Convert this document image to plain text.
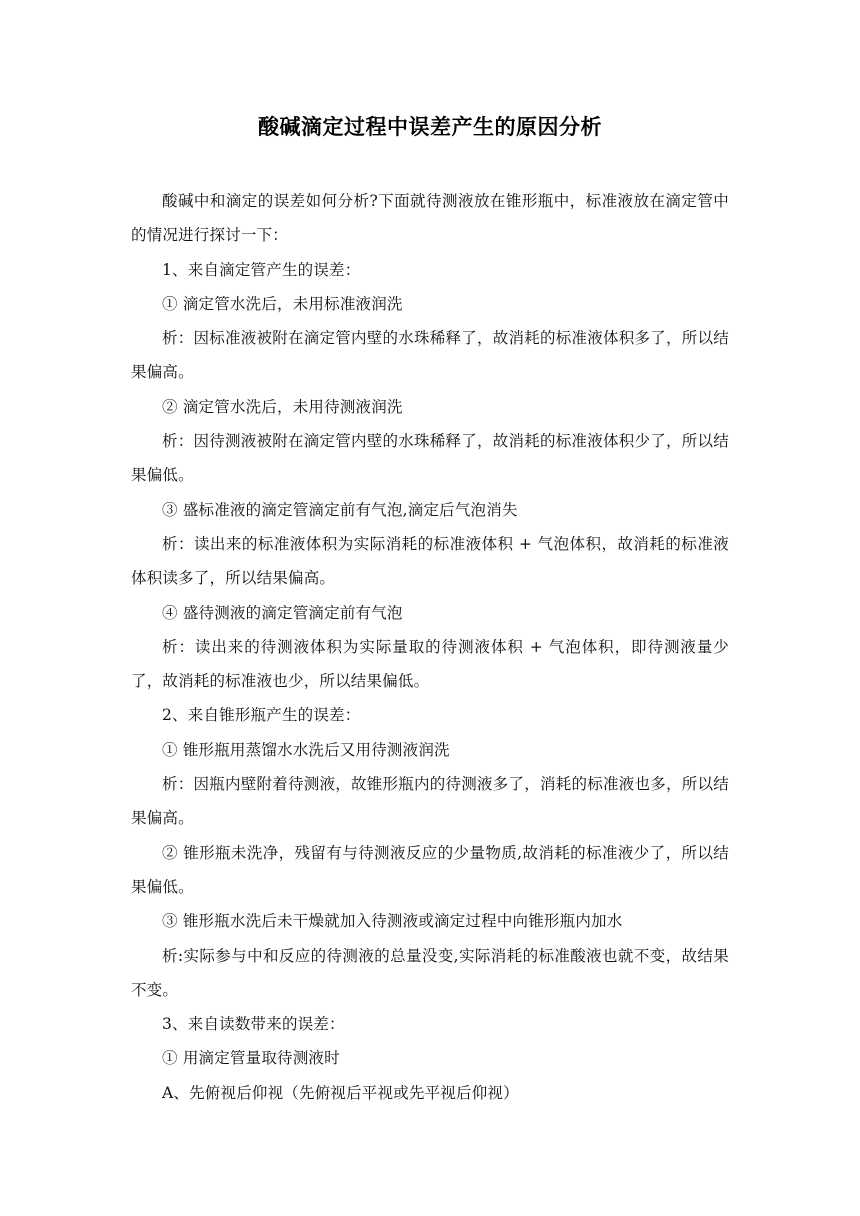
酸碱滴定过程中误差产生的原因分析

酸碱中和滴定的误差如何分析?下面就待测液放在锥形瓶中，标准液放在滴定管中的情况进行探讨一下：

1、来自滴定管产生的误差：

① 滴定管水洗后，未用标准液润洗

析：因标准液被附在滴定管内壁的水珠稀释了，故消耗的标准液体积多了，所以结果偏高。

② 滴定管水洗后，未用待测液润洗

析：因待测液被附在滴定管内壁的水珠稀释了，故消耗的标准液体积少了，所以结果偏低。

③ 盛标准液的滴定管滴定前有气泡,滴定后气泡消失

析：读出来的标准液体积为实际消耗的标准液体积 + 气泡体积，故消耗的标准液体积读多了，所以结果偏高。

④ 盛待测液的滴定管滴定前有气泡

析：读出来的待测液体积为实际量取的待测液体积 + 气泡体积，即待测液量少了，故消耗的标准液也少，所以结果偏低。

2、来自锥形瓶产生的误差：

① 锥形瓶用蒸馏水水洗后又用待测液润洗

析：因瓶内壁附着待测液，故锥形瓶内的待测液多了，消耗的标准液也多，所以结果偏高。

② 锥形瓶未洗净，残留有与待测液反应的少量物质,故消耗的标准液少了，所以结果偏低。

③ 锥形瓶水洗后未干燥就加入待测液或滴定过程中向锥形瓶内加水

析:实际参与中和反应的待测液的总量没变,实际消耗的标准酸液也就不变，故结果不变。

3、来自读数带来的误差：

① 用滴定管量取待测液时

A、先俯视后仰视（先俯视后平视或先平视后仰视）
